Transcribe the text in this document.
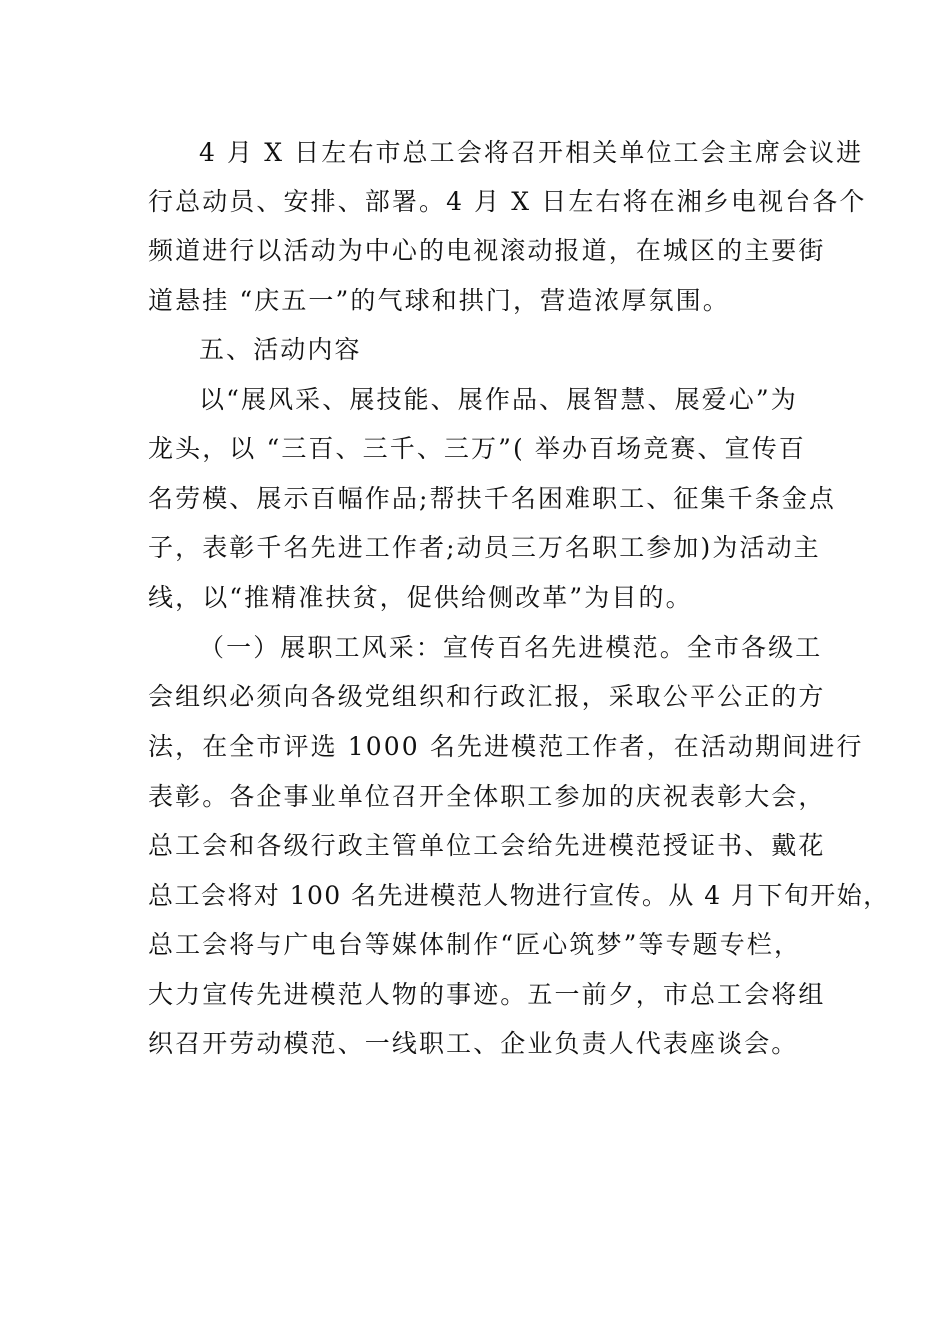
4 月 X 日左右市总工会将召开相关单位工会主席会议进
行总动员、安排、部署。4 月 X 日左右将在湘乡电视台各个
频道进行以活动为中心的电视滚动报道，在城区的主要街
道悬挂 “庆五一”的气球和拱门，营造浓厚氛围。
五、活动内容
以“展风采、展技能、展作品、展智慧、展爱心”为
龙头，以 “三百、三千、三万”( 举办百场竞赛、宣传百
名劳模、展示百幅作品;帮扶千名困难职工、征集千条金点
子，表彰千名先进工作者;动员三万名职工参加)为活动主
线，以“推精准扶贫，促供给侧改革”为目的。
（一）展职工风采：宣传百名先进模范。全市各级工
会组织必须向各级党组织和行政汇报，采取公平公正的方
法，在全市评选 1000 名先进模范工作者，在活动期间进行
表彰。各企事业单位召开全体职工参加的庆祝表彰大会，
总工会和各级行政主管单位工会给先进模范授证书、戴花
总工会将对 100 名先进模范人物进行宣传。从 4 月下旬开始，
总工会将与广电台等媒体制作“匠心筑梦”等专题专栏，
大力宣传先进模范人物的事迹。五一前夕，市总工会将组
织召开劳动模范、一线职工、企业负责人代表座谈会。
